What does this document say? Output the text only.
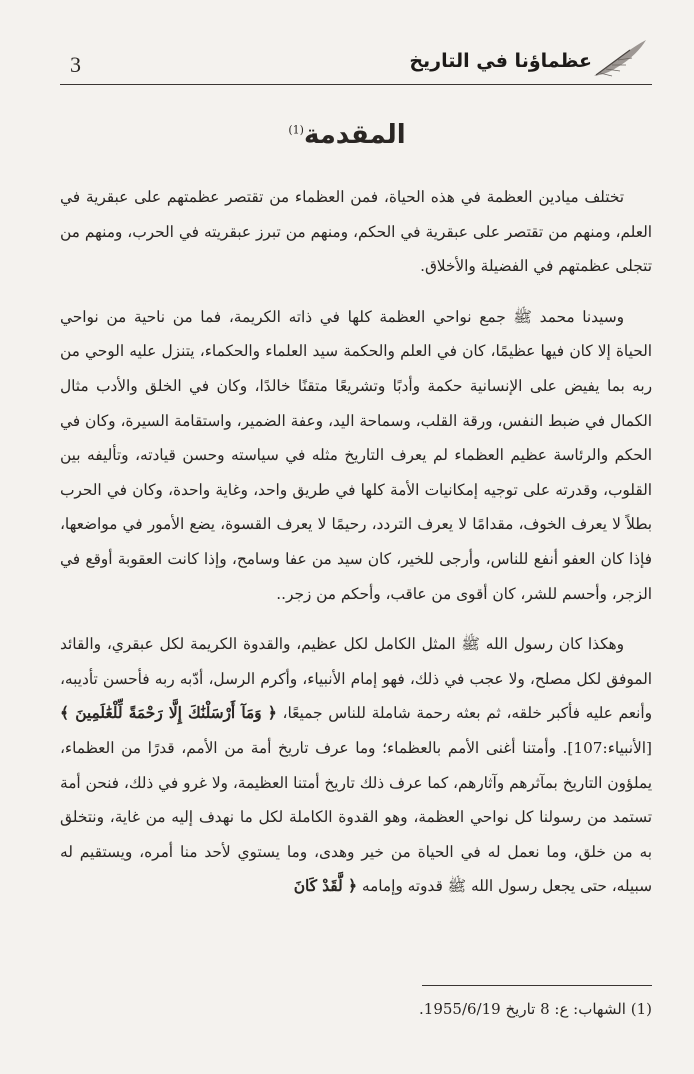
3	عظماؤنا في التاريخ
المقدمة$^{(1)}$

تختلف ميادين العظمة في هذه الحياة، فمن العظماء من تقتصر عظمتهم على عبقرية في العلم، ومنهم من تقتصر على عبقرية في الحكم، ومنهم من تبرز عبقريته في الحرب، ومنهم من تتجلى عظمتهم في الفضيلة والأخلاق.

وسيدنا محمد ﷺ جمع نواحي العظمة كلها في ذاته الكريمة، فما من ناحية من نواحي الحياة إلا كان فيها عظيمًا، كان في العلم والحكمة سيد العلماء والحكماء، يتنزل عليه الوحي من ربه بما يفيض على الإنسانية حكمة وأدبًا وتشريعًا متقنًا خالدًا، وكان في الخلق والأدب مثال الكمال في ضبط النفس، ورقة القلب، وسماحة اليد، وعفة الضمير، واستقامة السيرة، وكان في الحكم والرئاسة عظيم العظماء لم يعرف التاريخ مثله في سياسته وحسن قيادته، وتأليفه بين القلوب، وقدرته على توجيه إمكانيات الأمة كلها في طريق واحد، وغاية واحدة، وكان في الحرب بطلاً لا يعرف الخوف، مقدامًا لا يعرف التردد، رحيمًا لا يعرف القسوة، يضع الأمور في مواضعها، فإذا كان العفو أنفع للناس، وأرجى للخير، كان سيد من عفا وسامح، وإذا كانت العقوبة أوقع في الزجر، وأحسم للشر، كان أقوى من عاقب، وأحكم من زجر..

وهكذا كان رسول الله ﷺ المثل الكامل لكل عظيم، والقدوة الكريمة لكل عبقري، والقائد الموفق لكل مصلح، ولا عجب في ذلك، فهو إمام الأنبياء، وأكرم الرسل، أدّبه ربه فأحسن تأديبه، وأنعم عليه فأكبر خلقه، ثم بعثه رحمة شاملة للناس جميعًا، ﴿ وَمَآ أَرْسَلْنَٰكَ إِلَّا رَحْمَةً لِّلْعَٰلَمِينَ ﴾ [الأنبياء:107]. وأمتنا أغنى الأمم بالعظماء؛ وما عرف تاريخ أمة من الأمم، قدرًا من العظماء، يملؤون التاريخ بمآثرهم وآثارهم، كما عرف ذلك تاريخ أمتنا العظيمة، ولا غرو في ذلك، فنحن أمة تستمد من رسولنا كل نواحي العظمة، وهو القدوة الكاملة لكل ما نهدف إليه من غاية، ونتخلق به من خلق، وما نعمل له في الحياة من خير وهدى، وما يستوي لأحد منا أمره، ويستقيم له سبيله، حتى يجعل رسول الله ﷺ قدوته وإمامه ﴿ لَّقَدْ كَانَ

(1) الشهاب: ع: 8 تاريخ 1955/6/19.
